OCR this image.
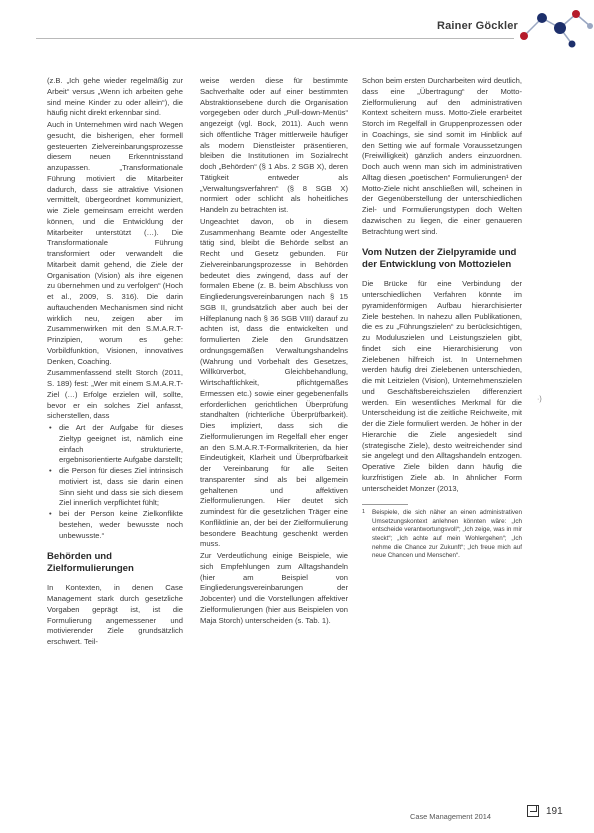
Rainer Göckler

(z.B. „Ich gehe wieder regelmäßig zur Arbeit“ versus „Wenn ich arbeiten gehe sind meine Kinder zu oder allein“), die häufig nicht direkt erkennbar sind.

Auch in Unternehmen wird nach Wegen gesucht, die bisherigen, eher formell gesteuerten Zielvereinbarungsprozesse diesem neuen Erkenntnisstand anzupassen. „Transformationale Führung motiviert die Mitarbeiter dadurch, dass sie attraktive Visionen vermittelt, übergeordnet kommuniziert, wie Ziele gemeinsam erreicht werden können, und die Entwicklung der Mitarbeiter unterstützt (…). Die Transformationale Führung transformiert oder verwandelt die Mitarbeit damit gehend, die Ziele der Organisation (Vision) als ihre eigenen zu übernehmen und zu verfolgen“ (Hoch et al., 2009, S. 316). Die darin auftauchenden Mechanismen sind nicht wirklich neu, zeigen aber im Zusammenwirken mit den S.M.A.R.T-Prinzipien, worum es gehe: Vorbildfunktion, Visionen, innovatives Denken, Coaching.

Zusammenfassend stellt Storch (2011, S. 189) fest: „Wer mit einem S.M.A.R.T-Ziel (…) Erfolge erzielen will, sollte, bevor er ein solches Ziel anfasst, sicherstellen, dass

• die Art der Aufgabe für dieses Zieltyp geeignet ist, nämlich eine einfach strukturierte, ergebnisorientierte Aufgabe darstellt;
• die Person für dieses Ziel intrinsisch motiviert ist, dass sie darin einen Sinn sieht und dass sie sich diesem Ziel innerlich verpflichtet fühlt;
• bei der Person keine Zielkonflikte bestehen, weder bewusste noch unbewusste.“
Behörden und Zielformulierungen

In Kontexten, in denen Case Management stark durch gesetzliche Vorgaben geprägt ist, ist die Formulierung angemessener und motivierender Ziele grundsätzlich erschwert. Teil-

weise werden diese für bestimmte Sachverhalte oder auf einer bestimmten Abstraktionsebene durch die Organisation vorgegeben oder durch „Pull-down-Menüs“ angezeigt (vgl. Bock, 2011). Auch wenn sich öffentliche Träger mittlerweile häufiger als modern Dienstleister präsentieren, bleiben die Institutionen im Sozialrecht doch „Behörden“ (§ 1 Abs. 2 SGB X), deren Tätigkeit entweder als „Verwaltungsverfahren“ (§ 8 SGB X) normiert oder schlicht als hoheitliches Handeln zu betrachten ist.

Ungeachtet davon, ob in diesem Zusammenhang Beamte oder Angestellte tätig sind, bleibt die Behörde selbst an Recht und Gesetz gebunden. Für Zielvereinbarungsprozesse in Behörden bedeutet dies zwingend, dass auf der formalen Ebene (z. B. beim Abschluss von Eingliederungsvereinbarungen nach § 15 SGB II, grundsätzlich aber auch bei der Hilfeplanung nach § 36 SGB VIII) darauf zu achten ist, dass die entwickelten und formulierten Ziele den Grundsätzen ordnungsgemäßen Verwaltungshandelns (Wahrung und Vorbehalt des Gesetzes, Willkürverbot, Gleichbehandlung, Wirtschaftlichkeit, pflichtgemäßes Ermessen etc.) sowie einer gegebenenfalls erforderlichen gerichtlichen Überprüfung standhalten (richterliche Überprüfbarkeit). Dies impliziert, dass sich die Zielformulierungen im Regelfall eher enger an den S.M.A.R.T-Formalkriterien, da hier Eindeutigkeit, Klarheit und Überprüfbarkeit der Vereinbarung für alle Seiten transparenter sind als bei allgemein gehaltenen und affektiven Zielformulierungen. Hier deutet sich zumindest für die gesetzlichen Träger eine Konfliktlinie an, der bei der Zielformulierung besondere Beachtung geschenkt werden muss.

Zur Verdeutlichung einige Beispiele, wie sich Empfehlungen zum Alltagshandeln (hier am Beispiel von Eingliederungsvereinbarungen der Jobcenter) und die Vorstellungen affektiver Zielformulierungen (hier aus Beispielen von Maja Storch) unterscheiden (s. Tab. 1).

Schon beim ersten Durcharbeiten wird deutlich, dass eine „Übertragung“ der Motto-Zielformulierung auf den administrativen Kontext scheitern muss. Motto-Ziele erarbeitet Storch im Regelfall in Gruppenprozessen oder in Coachings, sie sind somit im Hinblick auf den Setting wie auf formale Voraussetzungen (Freiwilligkeit) gänzlich anders einzuordnen. Doch auch wenn man sich im administrativen Alltag diesen „poetischen“ Formulierungen¹ der Motto-Ziele nicht anschließen will, scheinen in der Gegenüberstellung der unterschiedlichen Ziel- und Formulierungstypen doch Welten dazwischen zu liegen, die einer genaueren Betrachtung wert sind.

Vom Nutzen der Zielpyramide und der Entwicklung von Mottozielen

Die Brücke für eine Verbindung der unterschiedlichen Verfahren könnte im pyramidenförmigen Aufbau hierarchisierter Ziele bestehen. In nahezu allen Publikationen, die es zu „Führungszielen“ zu berücksichtigen, zu Moduluszielen und Leistungszielen gibt, findet sich eine Hierarchisierung von Zielebenen hilfreich ist. In Unternehmen werden häufig drei Zielebenen unterschieden, die mit Leitzielen (Vision), Unternehmenszielen und Geschäftsbereichszielen differenziert werden. Ein wesentliches Merkmal für die Unterscheidung ist die zeitliche Reichweite, mit der die Ziele formuliert werden. Je höher in der Hierarchie die Ziele angesiedelt sind (strategische Ziele), desto weitreichender sind sie angelegt und den Alltagshandeln entzogen. Operative Ziele bilden dann häufig die kurzfristigen Ziele ab. In ähnlicher Form unterscheidet Monzer (2013,

1 Beispiele, die sich näher an einen administrativen Umsetzungskontext anlehnen könnten wäre: „Ich entscheide verantwortungsvoll“; „Ich zeige, was in mir steckt“; „Ich achte auf mein Wohlergehen“; „Ich nehme die Chance zur Zukunft“; „Ich freue mich auf neue Chancen und Menschen“.
·)
Case Management 2014	191
